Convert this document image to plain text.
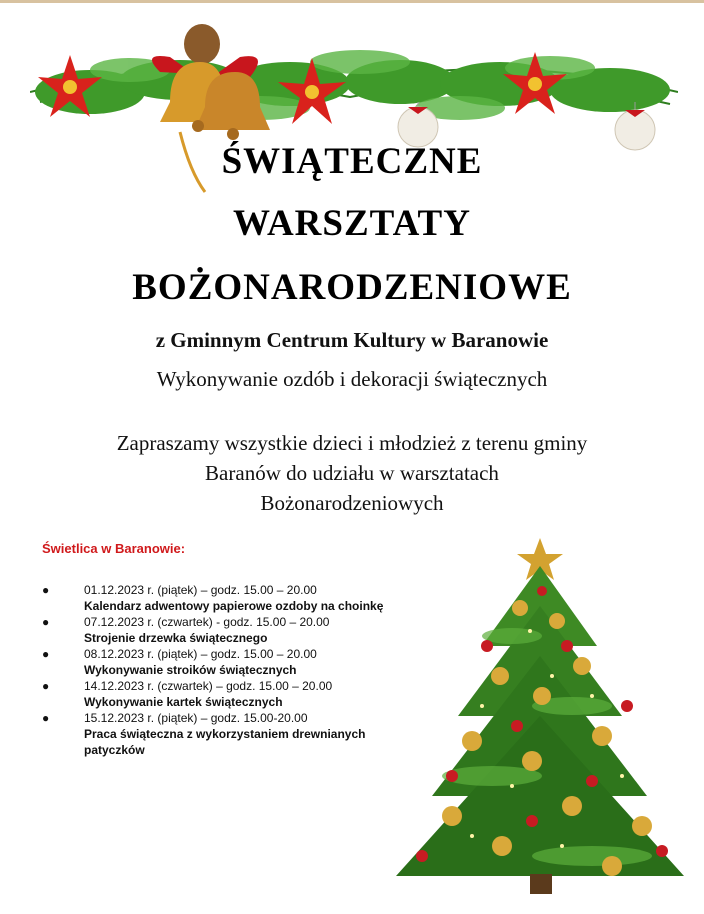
ŚWIĄTECZNE
WARSZTATY
BOŻONARODZENIOWE
z Gminnym Centrum Kultury w Baranowie
Wykonywanie ozdób i dekoracji świątecznych
Zapraszamy wszystkie dzieci i młodzież z terenu gminy
Baranów do udziału w warsztatach
Bożonarodzeniowych
Świetlica w Baranowie:
●	01.12.2023 r. (piątek) – godz. 15.00 – 20.00
Kalendarz adwentowy papierowe ozdoby na choinkę
●	07.12.2023 r. (czwartek) - godz. 15.00 – 20.00
Strojenie drzewka świątecznego
●	08.12.2023 r. (piątek) – godz. 15.00 – 20.00
Wykonywanie stroików świątecznych
●	14.12.2023 r. (czwartek) – godz. 15.00 – 20.00
Wykonywanie kartek świątecznych
●	15.12.2023 r. (piątek) – godz. 15.00-20.00
Praca świąteczna z wykorzystaniem drewnianych patyczków
